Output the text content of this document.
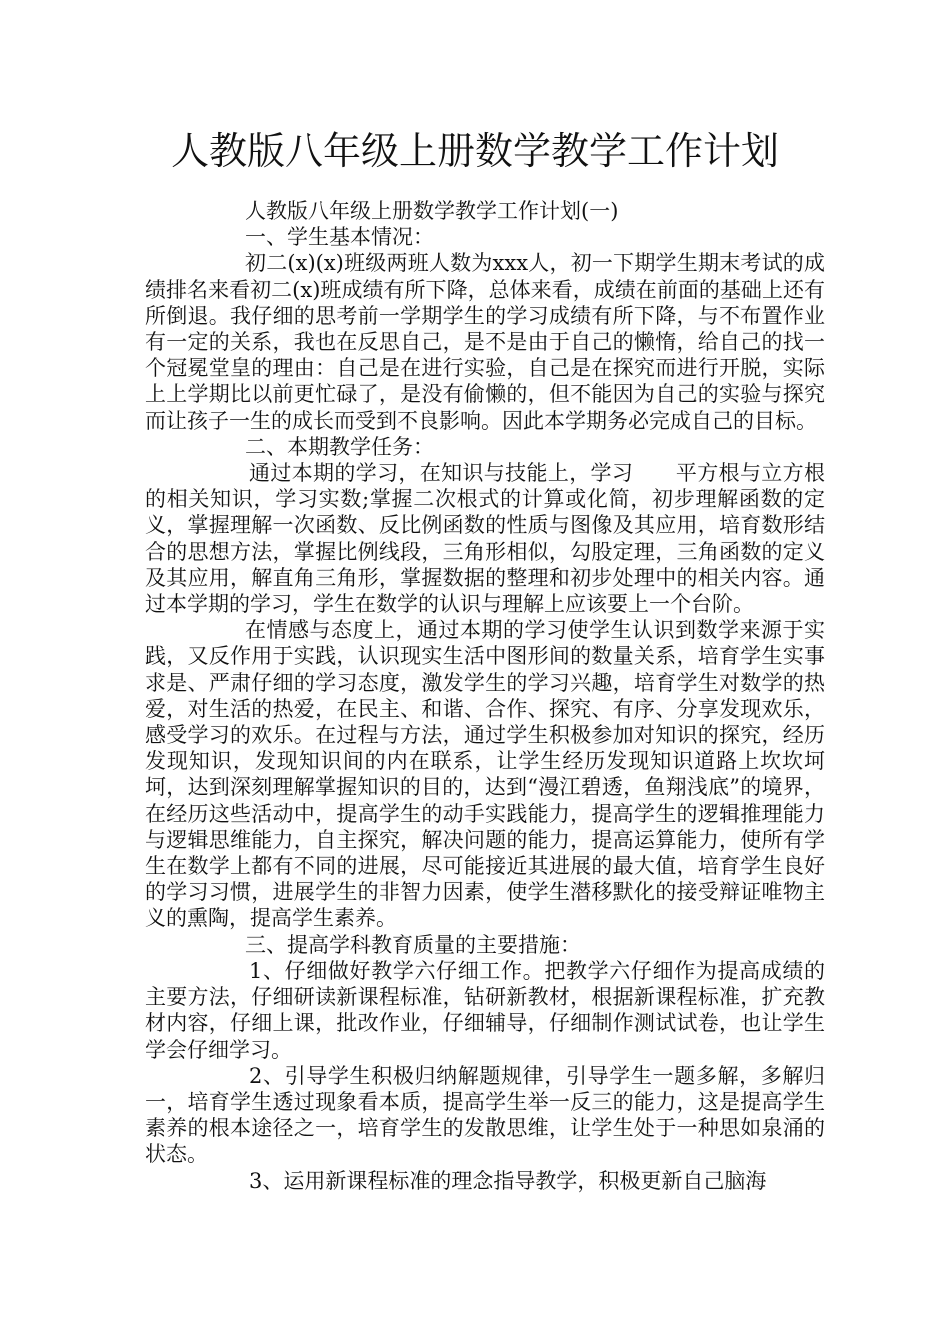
人教版八年级上册数学教学工作计划

人教版八年级上册数学教学工作计划(一)

一、学生基本情况：

初二(x)(x)班级两班人数为xxx人，初一下期学生期末考试的成绩排名来看初二(x)班成绩有所下降，总体来看，成绩在前面的基础上还有所倒退。我仔细的思考前一学期学生的学习成绩有所下降，与不布置作业有一定的关系，我也在反思自己，是不是由于自己的懒惰，给自己的找一个冠冕堂皇的理由：自己是在进行实验，自己是在探究而进行开脱，实际上上学期比以前更忙碌了，是没有偷懒的，但不能因为自己的实验与探究而让孩子一生的成长而受到不良影响。因此本学期务必完成自己的目标。

二、本期教学任务：

通过本期的学习，在知识与技能上，学习　　平方根与立方根的相关知识，学习实数;掌握二次根式的计算或化简，初步理解函数的定义，掌握理解一次函数、反比例函数的性质与图像及其应用，培育数形结合的思想方法，掌握比例线段，三角形相似，勾股定理，三角函数的定义及其应用，解直角三角形，掌握数据的整理和初步处理中的相关内容。通过本学期的学习，学生在数学的认识与理解上应该要上一个台阶。

在情感与态度上，通过本期的学习使学生认识到数学来源于实践，又反作用于实践，认识现实生活中图形间的数量关系，培育学生实事求是、严肃仔细的学习态度，激发学生的学习兴趣，培育学生对数学的热爱，对生活的热爱，在民主、和谐、合作、探究、有序、分享发现欢乐，感受学习的欢乐。在过程与方法，通过学生积极参加对知识的探究，经历发现知识，发现知识间的内在联系，让学生经历发现知识道路上坎坎坷坷，达到深刻理解掌握知识的目的，达到“漫江碧透，鱼翔浅底”的境界，在经历这些活动中，提高学生的动手实践能力，提高学生的逻辑推理能力与逻辑思维能力，自主探究，解决问题的能力，提高运算能力，使所有学生在数学上都有不同的进展，尽可能接近其进展的最大值，培育学生良好的学习习惯，进展学生的非智力因素，使学生潜移默化的接受辩证唯物主义的熏陶，提高学生素养。

三、提高学科教育质量的主要措施：

1、仔细做好教学六仔细工作。把教学六仔细作为提高成绩的主要方法，仔细研读新课程标准，钻研新教材，根据新课程标准，扩充教材内容，仔细上课，批改作业，仔细辅导，仔细制作测试试卷，也让学生学会仔细学习。

2、引导学生积极归纳解题规律，引导学生一题多解，多解归一，培育学生透过现象看本质，提高学生举一反三的能力，这是提高学生素养的根本途径之一，培育学生的发散思维，让学生处于一种思如泉涌的状态。

3、运用新课程标准的理念指导教学，积极更新自己脑海
